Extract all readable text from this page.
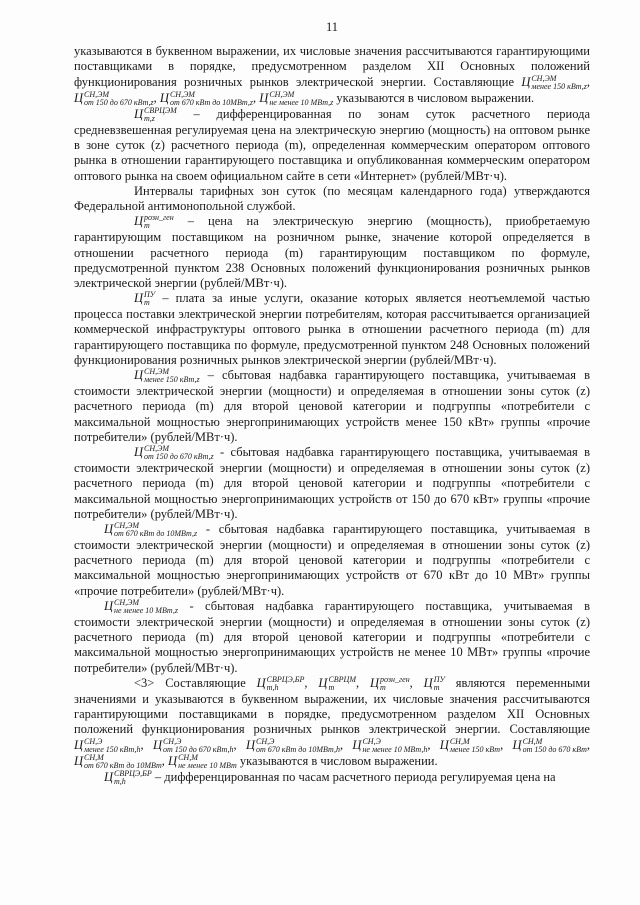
11

указываются в буквенном выражении, их числовые значения рассчитываются гарантирующими поставщиками в порядке, предусмотренном разделом XII Основных положений функционирования розничных рынков электрической энергии. Составляющие Ц СН,ЭМ
менее 150 кВт,z , Ц СН,ЭМ
от 150 до 670 кВт,z , Ц СН,ЭМ
от 670 кВт до 10МВт,z , Ц СН,ЭМ
не менее 10 МВт,z указываются в числовом выражении.

Ц СВРЦЭМ
m,z	– дифференцированная по зонам суток расчетного периода средневзвешенная регулируемая цена на электрическую энергию (мощность) на оптовом рынке в зоне суток (z) расчетного периода (m), определенная коммерческим оператором оптового рынка в отношении гарантирующего поставщика и опубликованная коммерческим оператором оптового рынка на своем официальном сайте в сети «Интернет» (рублей/МВт·ч).

Интервалы тарифных зон суток (по месяцам календарного года) утверждаются Федеральной антимонопольной службой.

Ц розн_ген
m	– цена на электрическую энергию (мощность), приобретаемую гарантирующим поставщиком на розничном рынке, значение которой определяется в отношении расчетного периода (m) гарантирующим поставщиком по формуле, предусмотренной пунктом 238 Основных положений функционирования розничных рынков электрической энергии (рублей/МВт·ч).

Ц ПУ
m	– плата за иные услуги, оказание которых является неотъемлемой частью процесса поставки электрической энергии потребителям, которая рассчитывается организацией коммерческой инфраструктуры оптового рынка в отношении расчетного периода (m) для гарантирующего поставщика по формуле, предусмотренной пунктом 248 Основных положений функционирования розничных рынков электрической энергии (рублей/МВт·ч).

Ц СН,ЭМ
менее 150 кВт,z – сбытовая надбавка гарантирующего поставщика, учитываемая в стоимости электрической энергии (мощности) и определяемая в отношении зоны суток (z) расчетного периода (m) для второй ценовой категории и подгруппы «потребители с максимальной мощностью энергопринимающих устройств менее 150 кВт» группы «прочие потребители» (рублей/МВт·ч).

Ц СН,ЭМ
от 150 до 670 кВт,z - сбытовая надбавка гарантирующего поставщика, учитываемая в стоимости электрической энергии (мощности) и определяемая в отношении зоны суток (z) расчетного периода (m) для второй ценовой категории и подгруппы «потребители с максимальной мощностью энергопринимающих устройств от 150 до 670 кВт» группы «прочие потребители» (рублей/МВт·ч).

Ц СН,ЭМ
от 670 кВт до 10МВт,z - сбытовая надбавка гарантирующего поставщика, учитываемая в стоимости электрической энергии (мощности) и определяемая в отношении зоны суток (z) расчетного периода (m) для второй ценовой категории и подгруппы «потребители с максимальной мощностью энергопринимающих устройств от 670 кВт до 10 МВт» группы «прочие потребители» (рублей/МВт·ч).

Ц СН,ЭМ
не менее 10 МВт,z - сбытовая надбавка гарантирующего поставщика, учитываемая в стоимости электрической энергии (мощности) и определяемая в отношении зоны суток (z) расчетного периода (m) для второй ценовой категории и подгруппы «потребители с максимальной мощностью энергопринимающих устройств не менее 10 МВт» группы «прочие потребители» (рублей/МВт·ч).

<3> Составляющие Ц СВРЦЭ,БР
m,h	, Ц СВРЦМ
m	, Ц розн_ген
m	, Ц ПУ
m	являются переменными значениями и указываются в буквенном выражении, их числовые значения рассчитываются гарантирующими поставщиками в порядке, предусмотренном разделом XII Основных положений функционирования розничных рынков электрической энергии. Составляющие Ц СН,Э
менее 150 кВт,h , Ц СН,Э
от 150 до 670 кВт,h , Ц СН,Э
от 670 кВт до 10МВт,h , Ц СН,Э
не менее 10 МВт,h , Ц СН,М
менее 150 кВт , Ц СН,М
от 150 до 670 кВт , Ц СН,М
от 670 кВт до 10МВт , Ц СН,М
не менее 10 МВт указываются в числовом выражении.

Ц СВРЦЭ,БР
m,h	– дифференцированная по часам расчетного периода регулируемая цена на
